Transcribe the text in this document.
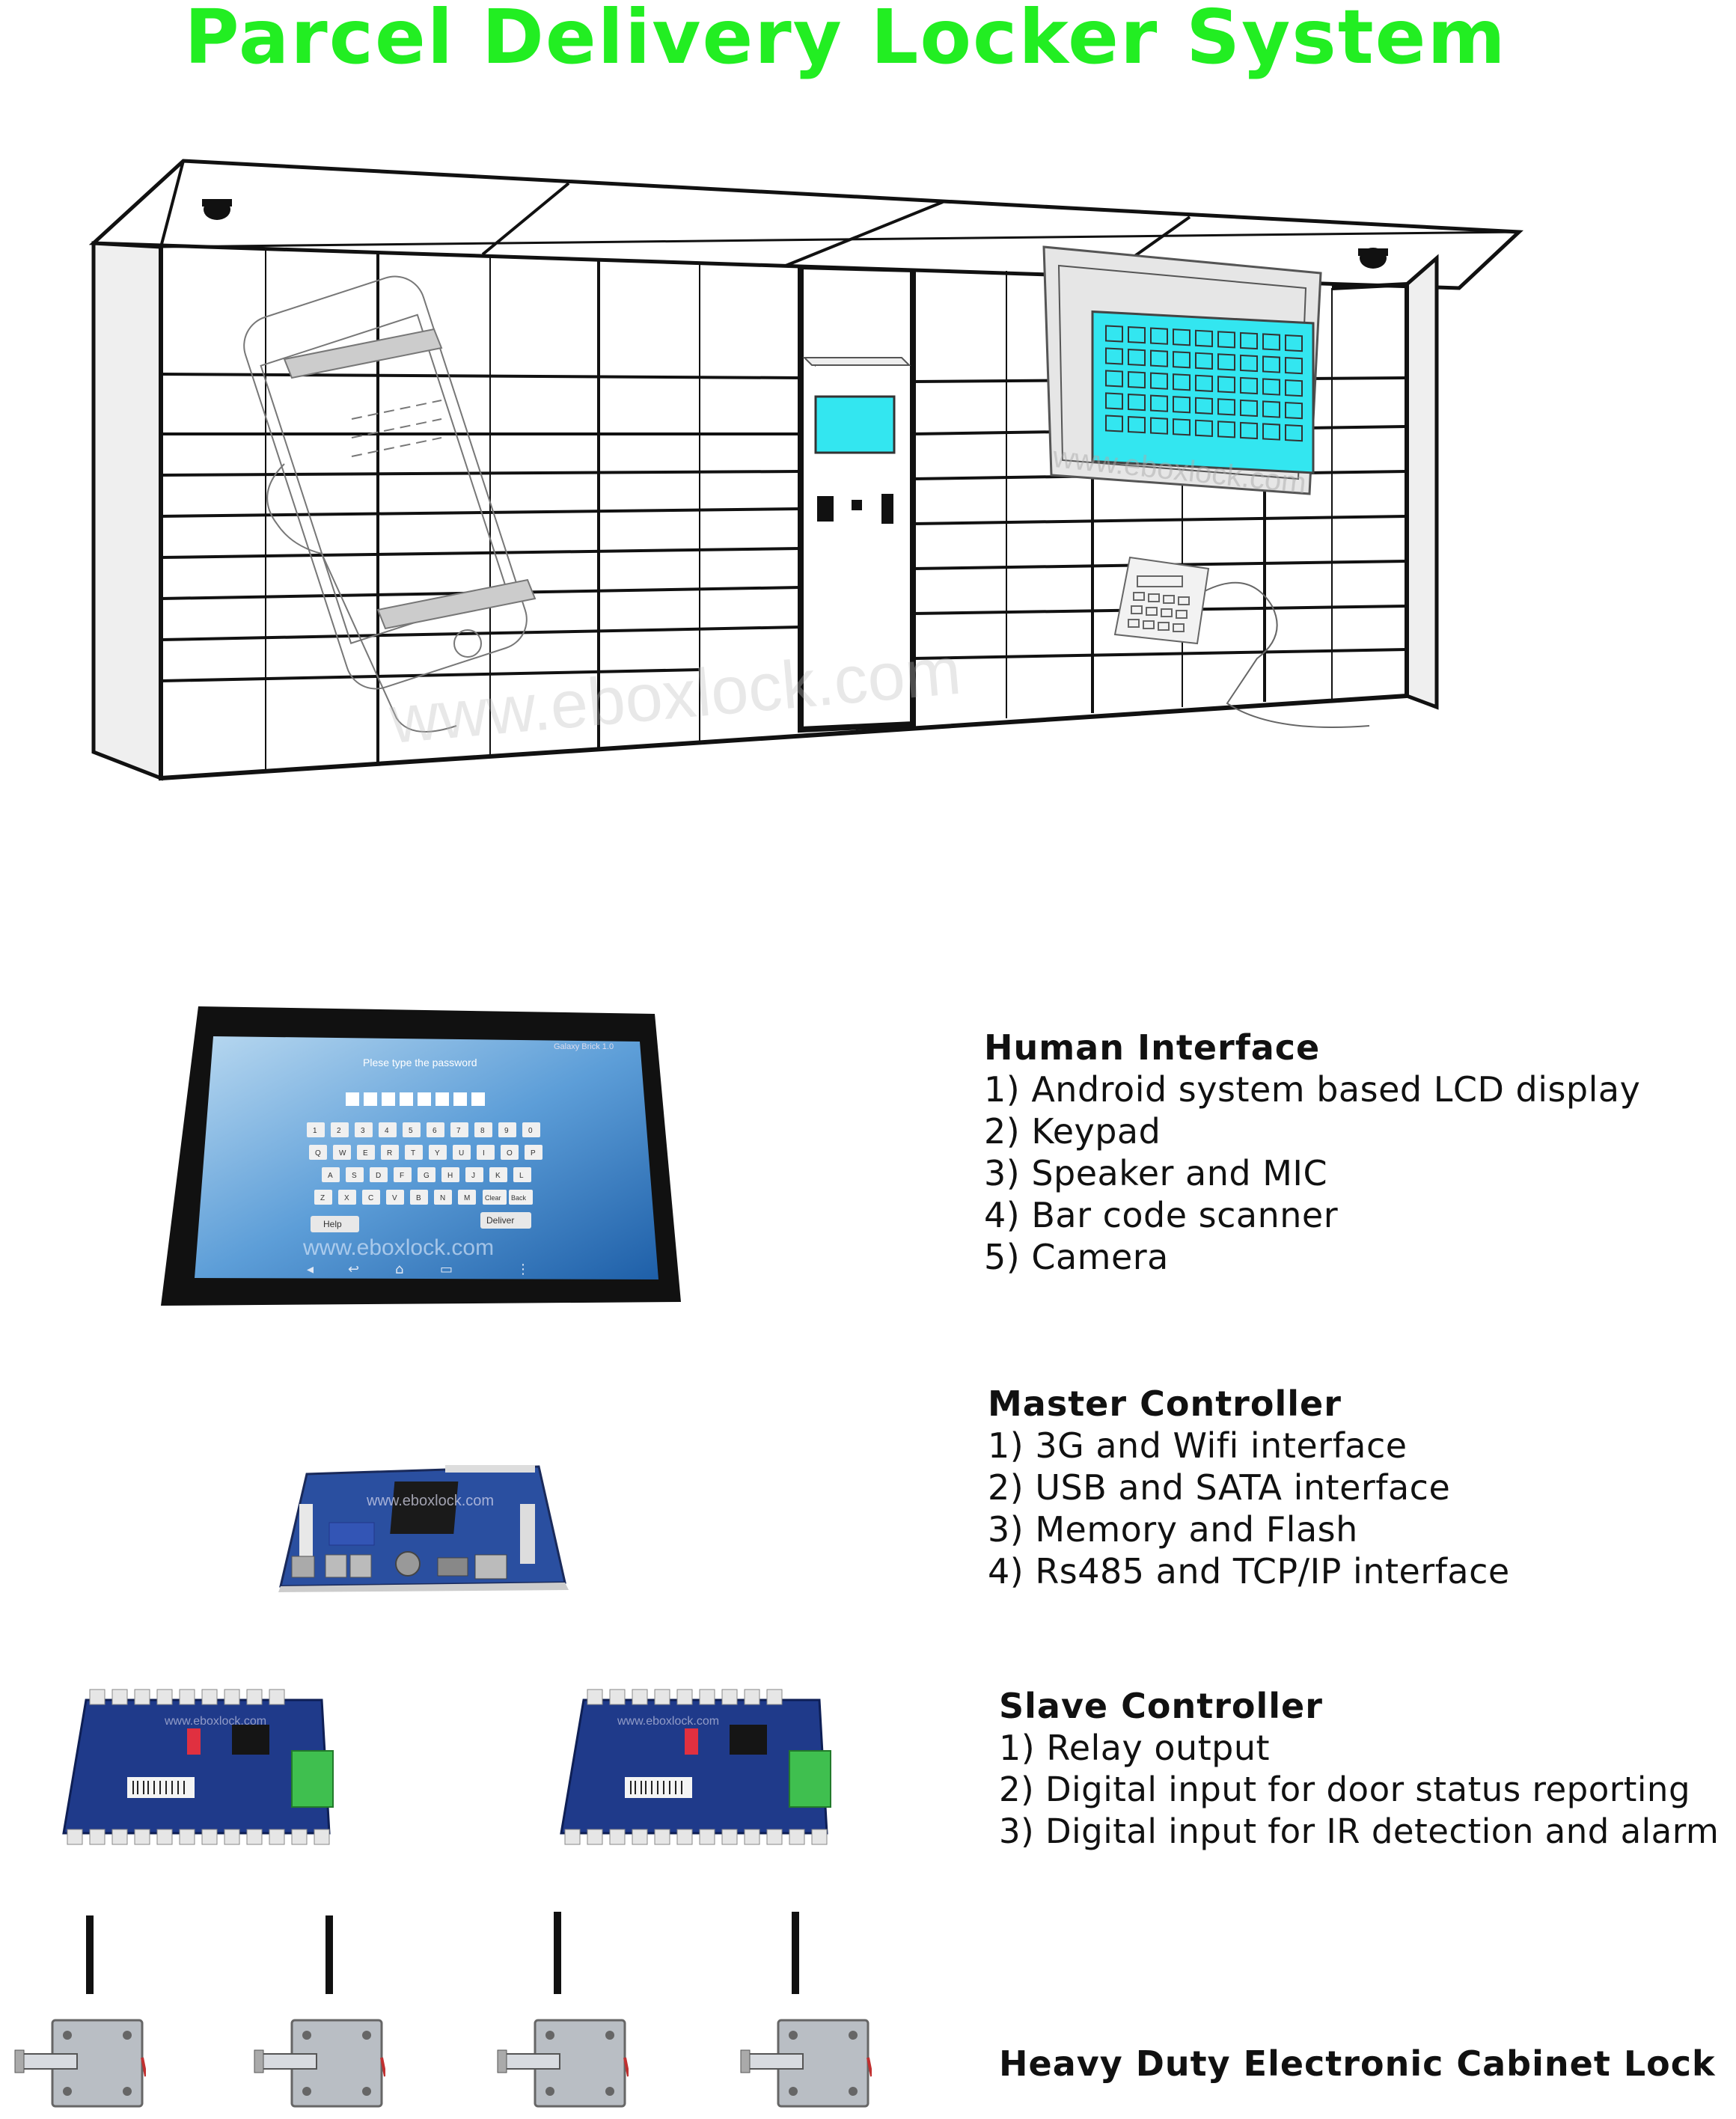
Parcel Delivery Locker System
www.eboxlock.com
www.eboxlock.com
Plese type the password
Galaxy Brick 1.0
1	2	3	4	5	6	7	8	9	0
Q W E	R T	Y	U I	O P
A	S	D F	G H J	K	L
Z	X	C V	B	N M Clear Back
Help	Deliver
www.eboxlock.com
◂	↩	⌂	▭	⋮
www.eboxlock.com
www.eboxlock.com	www.eboxlock.com
Human Interface
1) Android system based LCD display
2) Keypad
3) Speaker and MIC
4) Bar code scanner
5) Camera
Master Controller
1) 3G and Wifi interface
2) USB and SATA interface
3) Memory and Flash
4) Rs485 and TCP/IP interface
Slave Controller
1) Relay output
2) Digital input for door status reporting
3) Digital input for IR detection and alarm
Heavy Duty Electronic Cabinet Lock
